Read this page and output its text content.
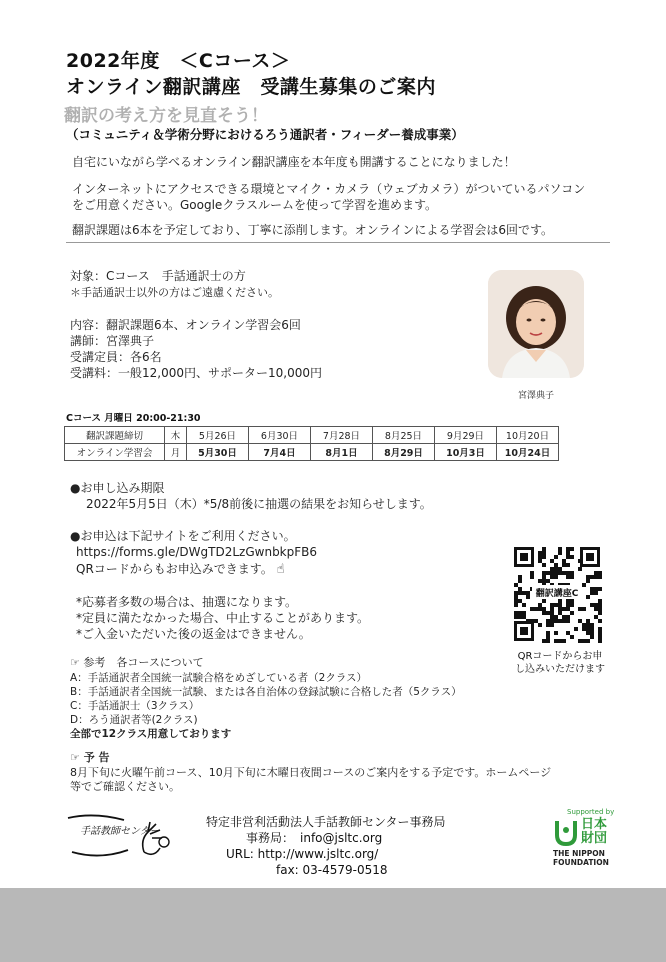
2022年度　＜Cコース＞
オンライン翻訳講座　受講生募集のご案内
翻訳の考え方を見直そう！
（コミュニティ＆学術分野におけるろう通訳者・フィーダー養成事業）
自宅にいながら学べるオンライン翻訳講座を本年度も開講することになりました！
インターネットにアクセスできる環境とマイク・カメラ（ウェブカメラ）がついているパソコン
をご用意ください。Googleクラスルームを使って学習を進めます。
翻訳課題は6本を予定しており、丁寧に添削します。オンラインによる学習会は6回です。
対象：Cコース　手話通訳士の方
＊手話通訳士以外の方はご遠慮ください。
内容：翻訳課題6本、オンライン学習会6回
講師：宮澤典子
受講定員：各6名
受講料：一般12,000円、サポーター10,000円
宮澤典子
Cコース 月曜日 20:00-21:30
翻訳課題締切	木	5月26日	6月30日	7月28日	8月25日	9月29日	10月20日
オンライン学習会	月	5月30日	7月4日	8月1日	8月29日	10月3日	10月24日
●お申し込み期限
2022年5月5日（木）*5/8前後に抽選の結果をお知らせします。
●お申込は下記サイトをご利用ください。
https://forms.gle/DWgTD2LzGwnbkpFB6
QRコードからもお申込みできます。 ☝
*応募者多数の場合は、抽選になります。
*定員に満たなかった場合、中止することがあります。
*ご入金いただいた後の返金はできません。
翻訳講座C
QRコードからお申
し込みいただけます
☞ 参考　各コースについて
A：手話通訳者全国統一試験合格をめざしている者（2クラス）
B：手話通訳者全国統一試験、または各自治体の登録試験に合格した者（5クラス）
C：手話通訳士（3クラス）
D：ろう通訳者等(2クラス)
全部で12クラス用意しております
☞ 予 告
8月下旬に火曜午前コース、10月下旬に木曜日夜間コースのご案内をする予定です。ホームページ
等でご確認ください。
手話教師センター
特定非営利活動法人手話教師センター事務局
事務局：　info@jsltc.org
URL: http://www.jsltc.org/
fax: 03-4579-0518
Supported by
日本
財団
THE NIPPON
FOUNDATION
